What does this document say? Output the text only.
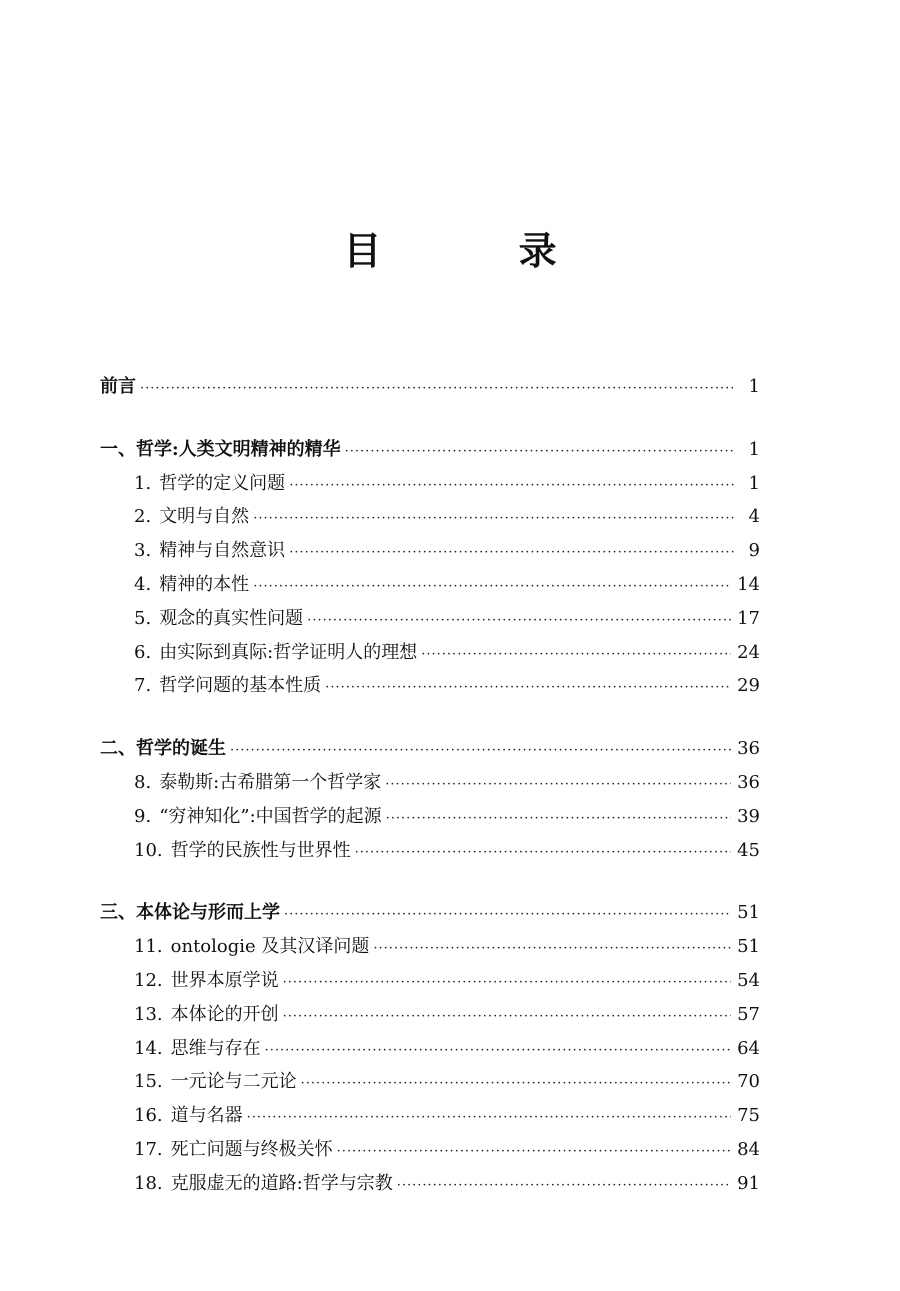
目 录
前言 ·····	1
一、哲学:人类文明精神的精华 ·····	1
1. 哲学的定义问题 ·····	1
2. 文明与自然 ·····	4
3. 精神与自然意识 ·····	9
4. 精神的本性 ·····	14
5. 观念的真实性问题 ·····	17
6. 由实际到真际:哲学证明人的理想 ·····	24
7. 哲学问题的基本性质 ·····	29
二、哲学的诞生 ·····	36
8. 泰勒斯:古希腊第一个哲学家 ·····	36
9. “穷神知化”:中国哲学的起源 ·····	39
10. 哲学的民族性与世界性 ·····	45
三、本体论与形而上学 ·····	51
11. ontologie 及其汉译问题 ·····	51
12. 世界本原学说 ·····	54
13. 本体论的开创 ·····	57
14. 思维与存在 ·····	64
15. 一元论与二元论 ·····	70
16. 道与名器 ·····	75
17. 死亡问题与终极关怀 ·····	84
18. 克服虚无的道路:哲学与宗教 ·····	91
